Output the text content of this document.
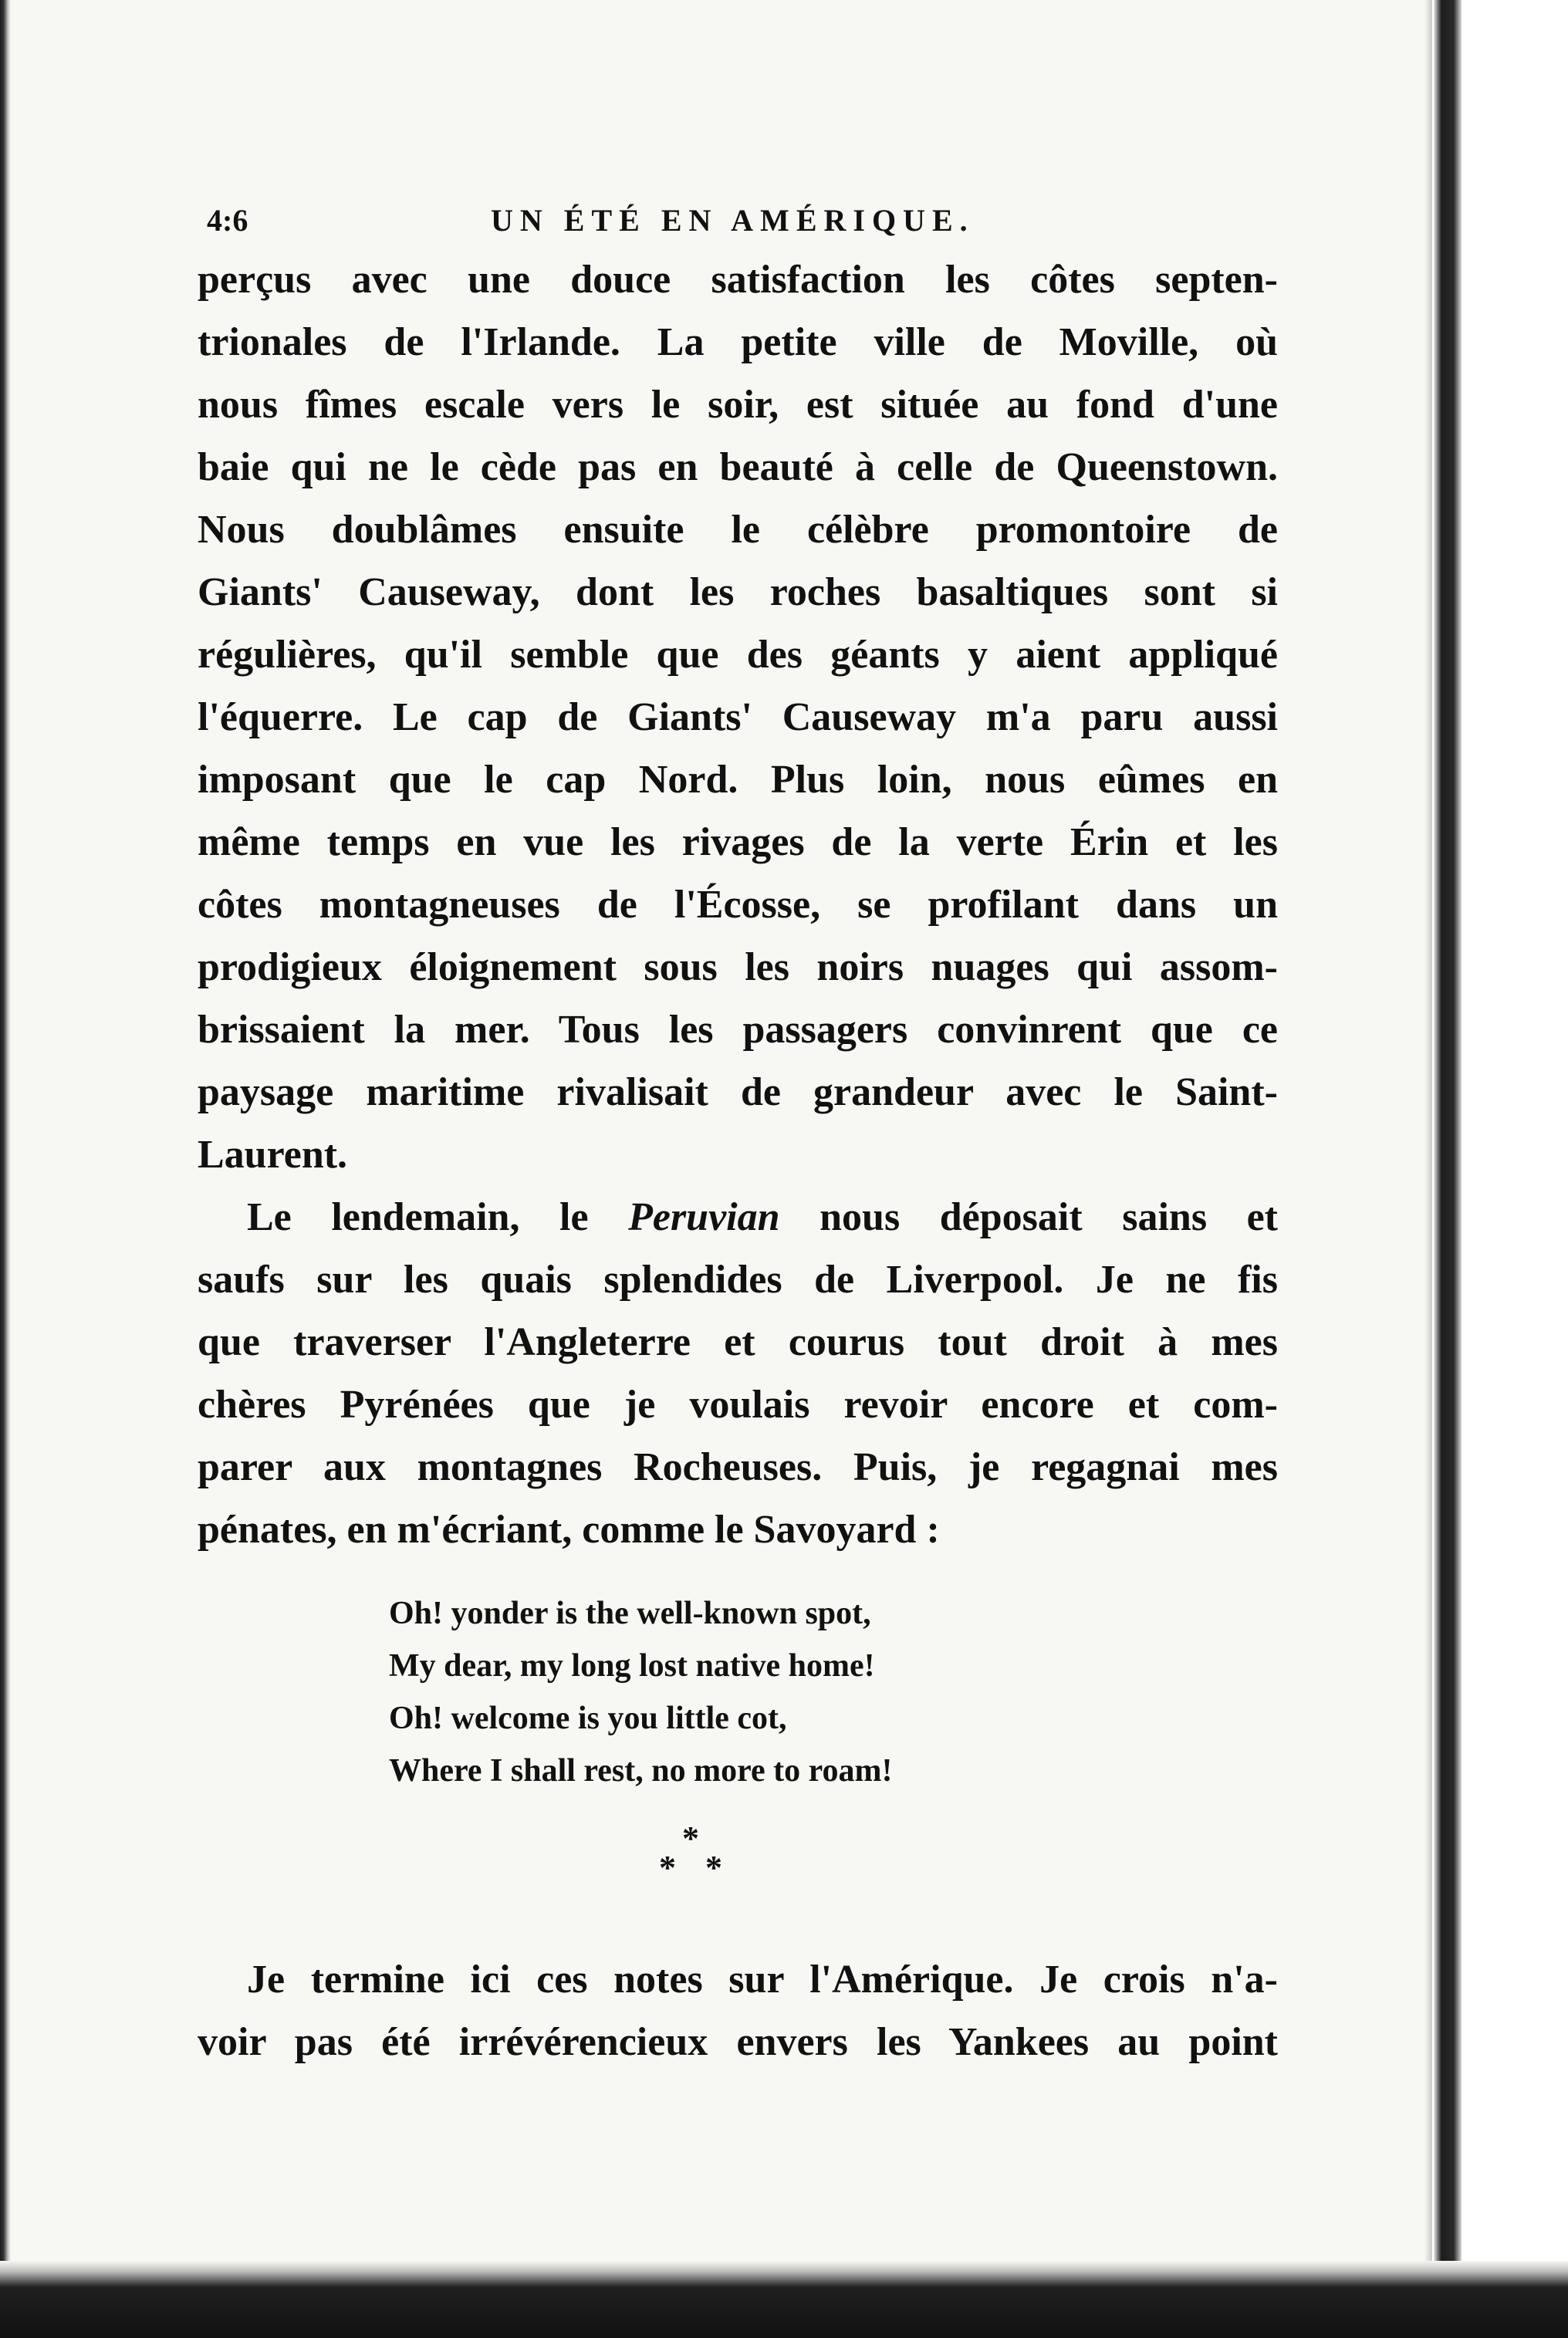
4:6	UN ÉTÉ EN AMÉRIQUE.

perçus avec une douce satisfaction les côtes septen-
trionales de l'Irlande. La petite ville de Moville, où
nous fîmes escale vers le soir, est située au fond d'une
baie qui ne le cède pas en beauté à celle de Queenstown.
Nous doublâmes ensuite le célèbre promontoire de
Giants' Causeway, dont les roches basaltiques sont si
régulières, qu'il semble que des géants y aient appliqué
l'équerre. Le cap de Giants' Causeway m'a paru aussi
imposant que le cap Nord. Plus loin, nous eûmes en
même temps en vue les rivages de la verte Érin et les
côtes montagneuses de l'Écosse, se profilant dans un
prodigieux éloignement sous les noirs nuages qui assom-
brissaient la mer. Tous les passagers convinrent que ce
paysage maritime rivalisait de grandeur avec le Saint-
Laurent.

Le lendemain, le Peruvian nous déposait sains et
saufs sur les quais splendides de Liverpool. Je ne fis
que traverser l'Angleterre et courus tout droit à mes
chères Pyrénées que je voulais revoir encore et com-
parer aux montagnes Rocheuses. Puis, je regagnai mes
pénates, en m'écriant, comme le Savoyard :

Oh! yonder is the well-known spot,
My dear, my long lost native home!
Oh! welcome is you little cot,
Where I shall rest, no more to roam!
*
* *

Je termine ici ces notes sur l'Amérique. Je crois n'a-
voir pas été irrévérencieux envers les Yankees au point
